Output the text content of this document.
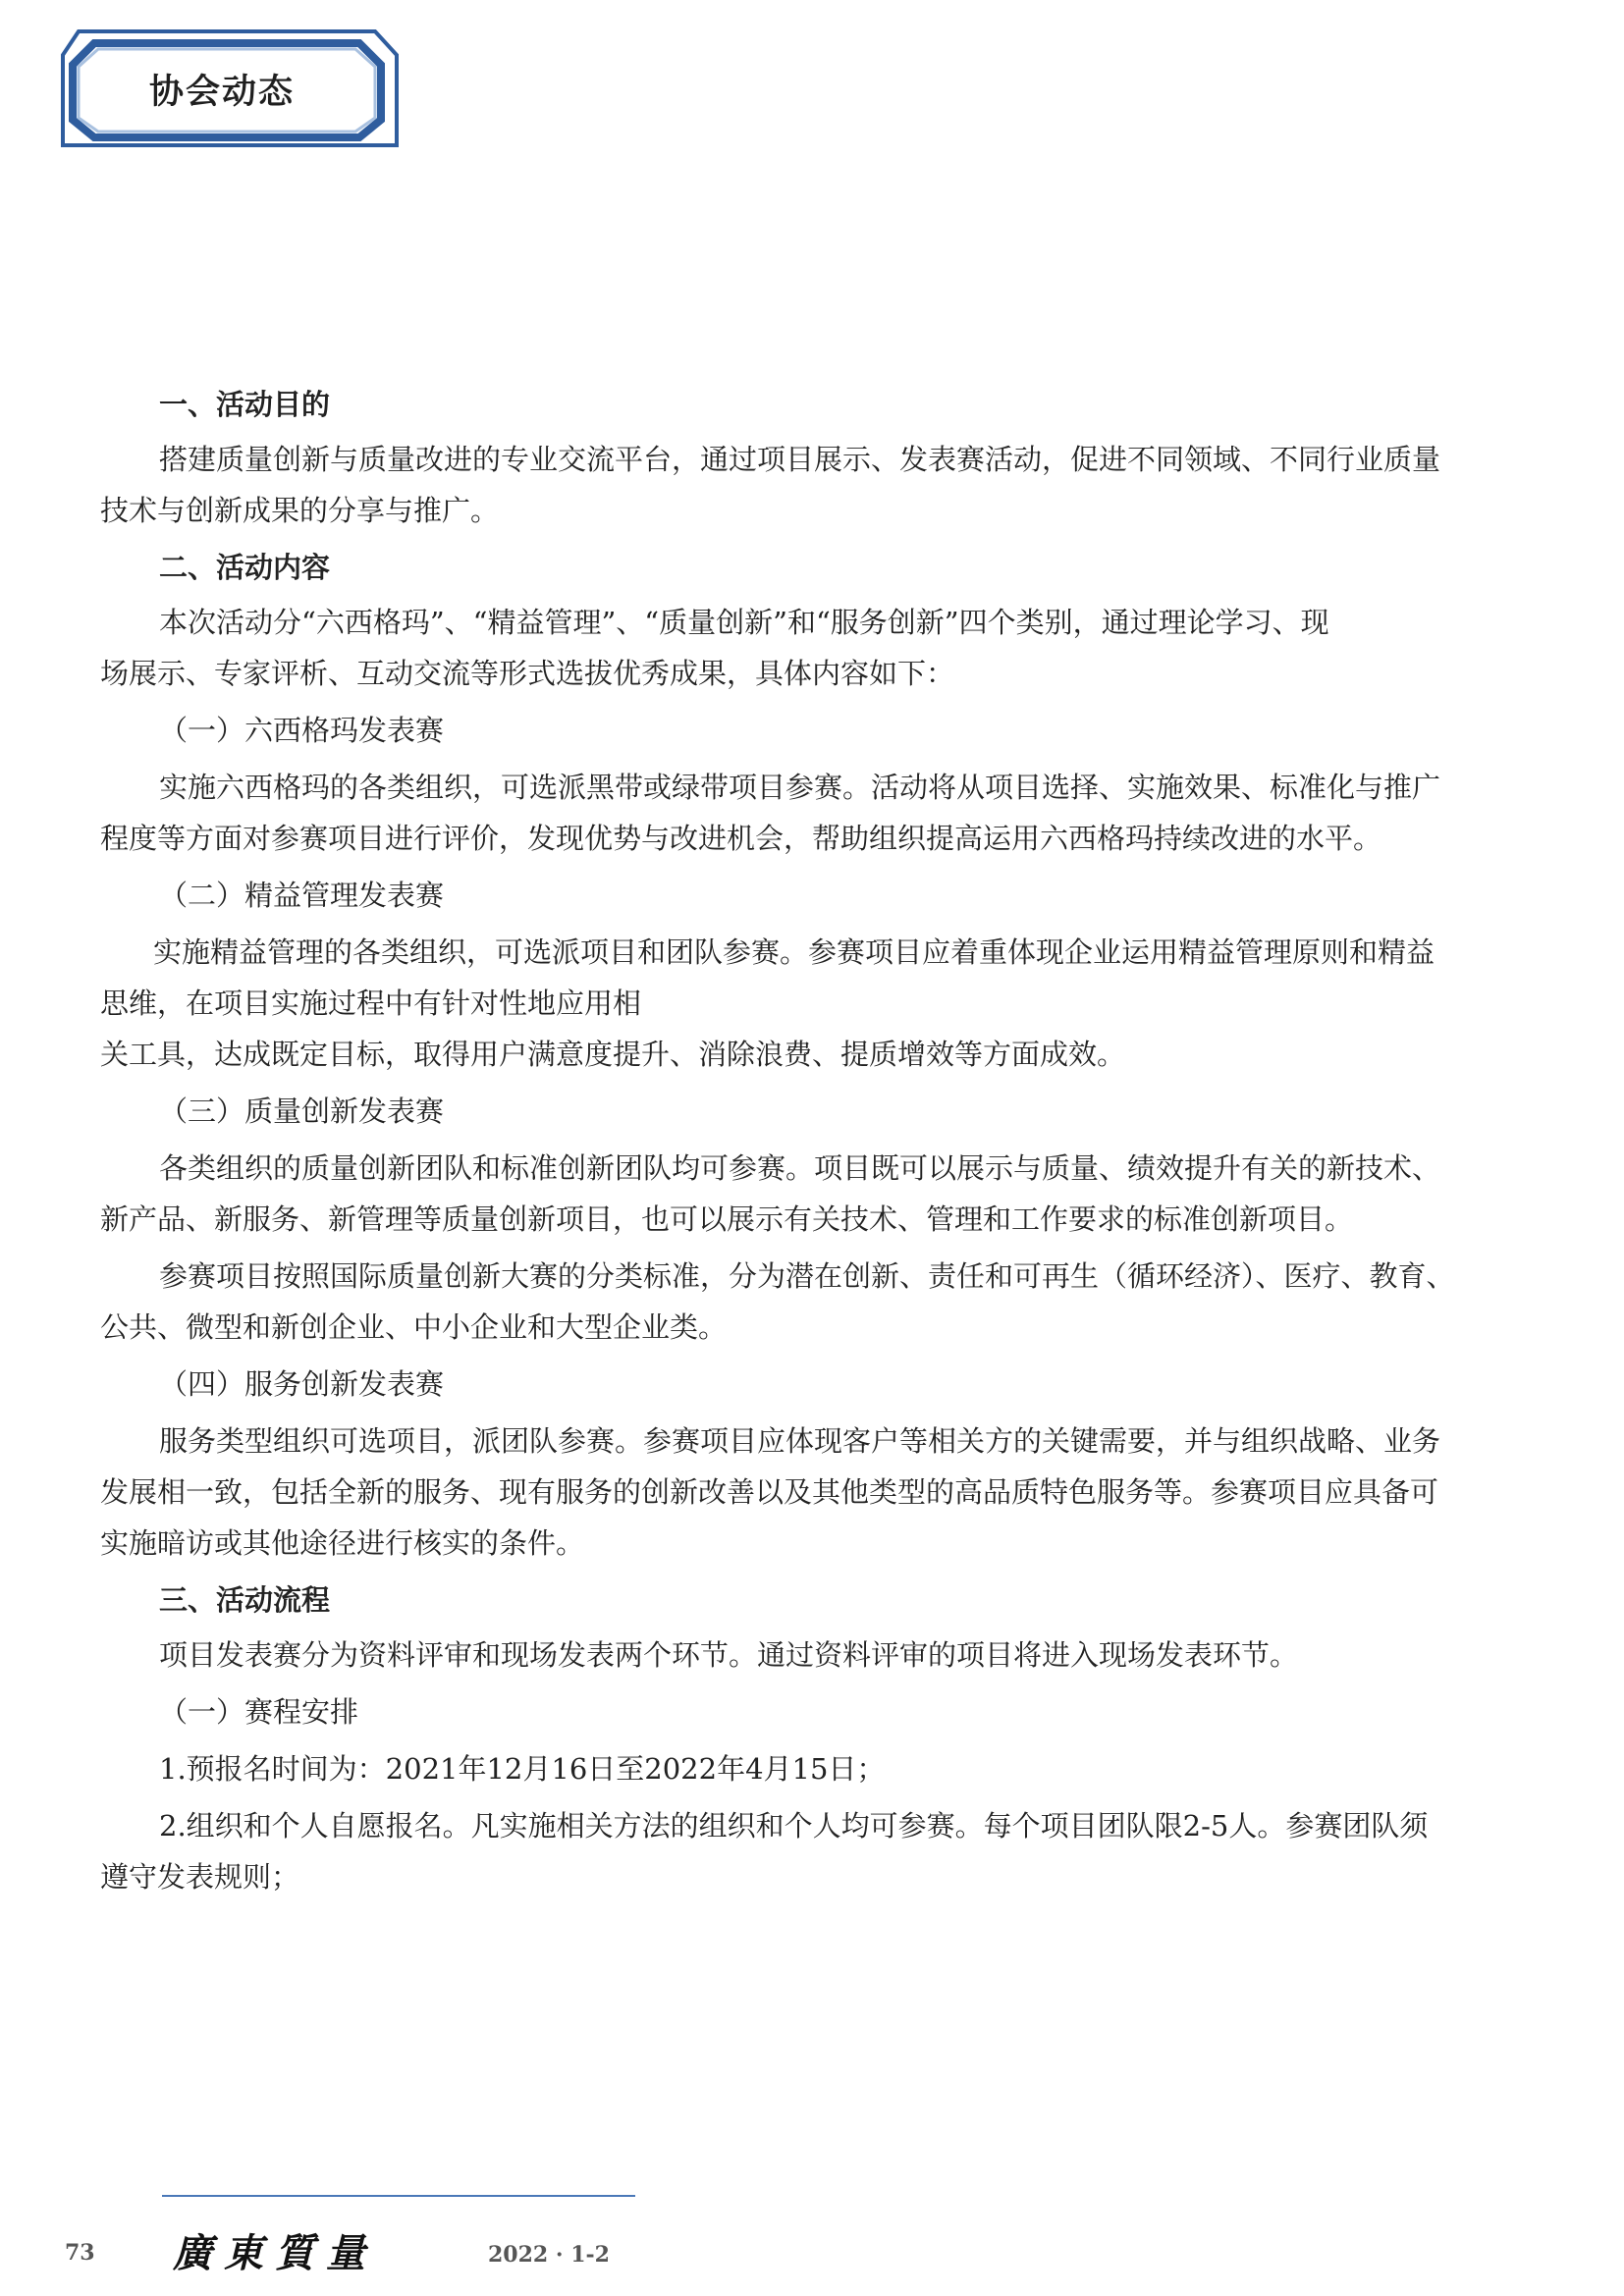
协会动态

一、活动目的

搭建质量创新与质量改进的专业交流平台，通过项目展示、发表赛活动，促进不同领域、不同行业质量
技术与创新成果的分享与推广。

二、活动内容

本次活动分“六西格玛”、“精益管理”、“质量创新”和“服务创新”四个类别，通过理论学习、现
场展示、专家评析、互动交流等形式选拔优秀成果，具体内容如下：

（一）六西格玛发表赛

实施六西格玛的各类组织，可选派黑带或绿带项目参赛。活动将从项目选择、实施效果、标准化与推广
程度等方面对参赛项目进行评价，发现优势与改进机会，帮助组织提高运用六西格玛持续改进的水平。

（二）精益管理发表赛

实施精益管理的各类组织，可选派项目和团队参赛。参赛项目应着重体现企业运用精益管理原则和精益
思维，在项目实施过程中有针对性地应用相
关工具，达成既定目标，取得用户满意度提升、消除浪费、提质增效等方面成效。

（三）质量创新发表赛

各类组织的质量创新团队和标准创新团队均可参赛。项目既可以展示与质量、绩效提升有关的新技术、
新产品、新服务、新管理等质量创新项目，也可以展示有关技术、管理和工作要求的标准创新项目。

参赛项目按照国际质量创新大赛的分类标准，分为潜在创新、责任和可再生（循环经济）、医疗、教育、
公共、微型和新创企业、中小企业和大型企业类。

（四）服务创新发表赛

服务类型组织可选项目，派团队参赛。参赛项目应体现客户等相关方的关键需要，并与组织战略、业务
发展相一致，包括全新的服务、现有服务的创新改善以及其他类型的高品质特色服务等。参赛项目应具备可
实施暗访或其他途径进行核实的条件。

三、活动流程

项目发表赛分为资料评审和现场发表两个环节。通过资料评审的项目将进入现场发表环节。

（一）赛程安排

1.预报名时间为：2021年12月16日至2022年4月15日；

2.组织和个人自愿报名。凡实施相关方法的组织和个人均可参赛。每个项目团队限2-5人。参赛团队须
遵守发表规则；

73 廣東質量	2022 · 1-2
